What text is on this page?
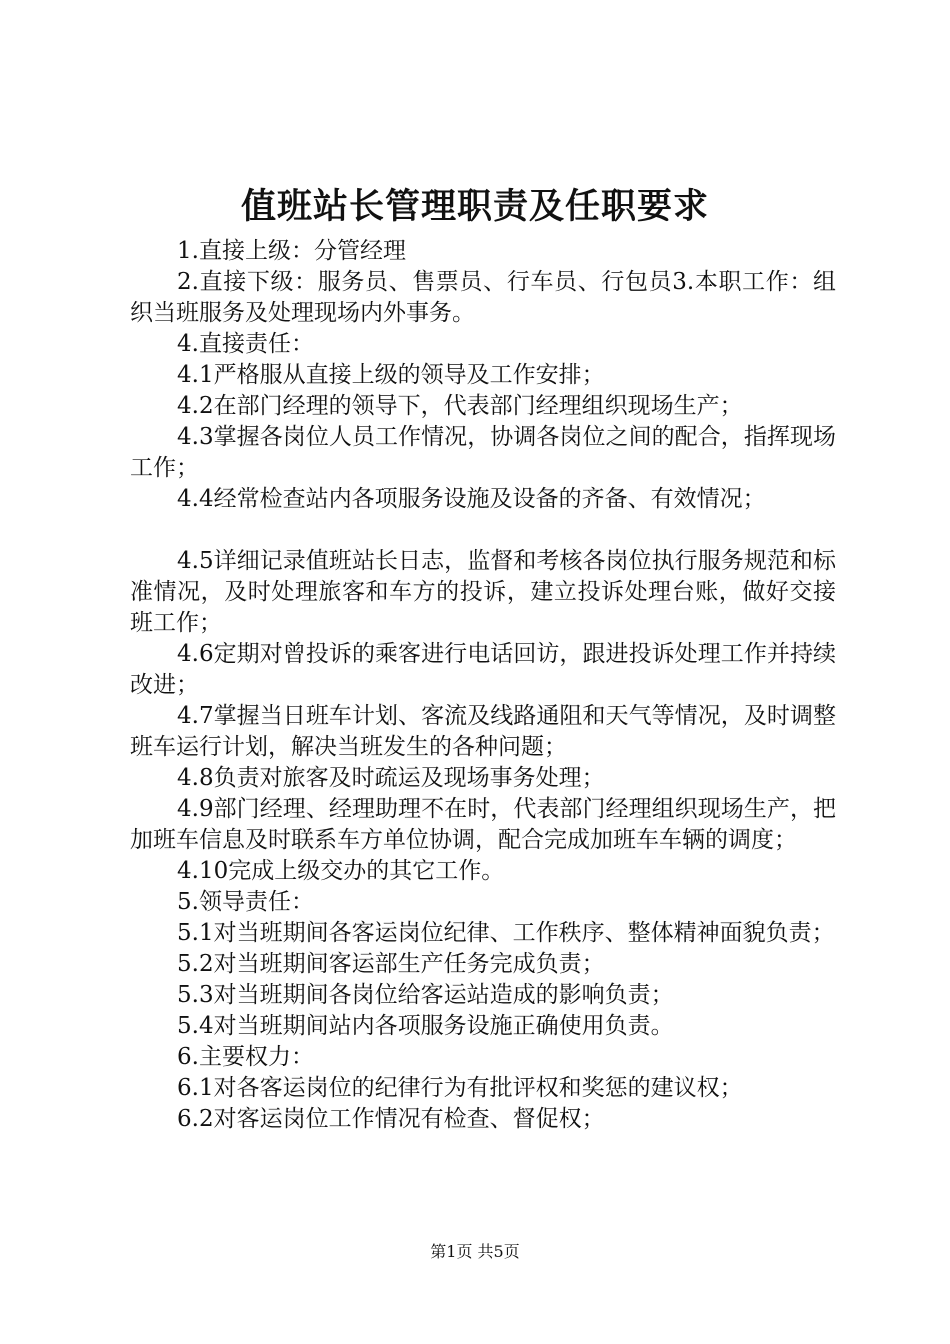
值班站长管理职责及任职要求

1.直接上级：分管经理

2.直接下级：服务员、售票员、行车员、行包员3.本职工作：组织当班服务及处理现场内外事务。

4.直接责任：

4.1严格服从直接上级的领导及工作安排；

4.2在部门经理的领导下，代表部门经理组织现场生产；

4.3掌握各岗位人员工作情况，协调各岗位之间的配合，指挥现场工作；

4.4经常检查站内各项服务设施及设备的齐备、有效情况；

4.5详细记录值班站长日志，监督和考核各岗位执行服务规范和标准情况，及时处理旅客和车方的投诉，建立投诉处理台账，做好交接班工作；

4.6定期对曾投诉的乘客进行电话回访，跟进投诉处理工作并持续改进；

4.7掌握当日班车计划、客流及线路通阻和天气等情况，及时调整班车运行计划，解决当班发生的各种问题；

4.8负责对旅客及时疏运及现场事务处理；

4.9部门经理、经理助理不在时，代表部门经理组织现场生产，把加班车信息及时联系车方单位协调，配合完成加班车车辆的调度；

4.10完成上级交办的其它工作。

5.领导责任：

5.1对当班期间各客运岗位纪律、工作秩序、整体精神面貌负责；

5.2对当班期间客运部生产任务完成负责；

5.3对当班期间各岗位给客运站造成的影响负责；

5.4对当班期间站内各项服务设施正确使用负责。

6.主要权力：

6.1对各客运岗位的纪律行为有批评权和奖惩的建议权；

6.2对客运岗位工作情况有检查、督促权；

第1页 共5页
